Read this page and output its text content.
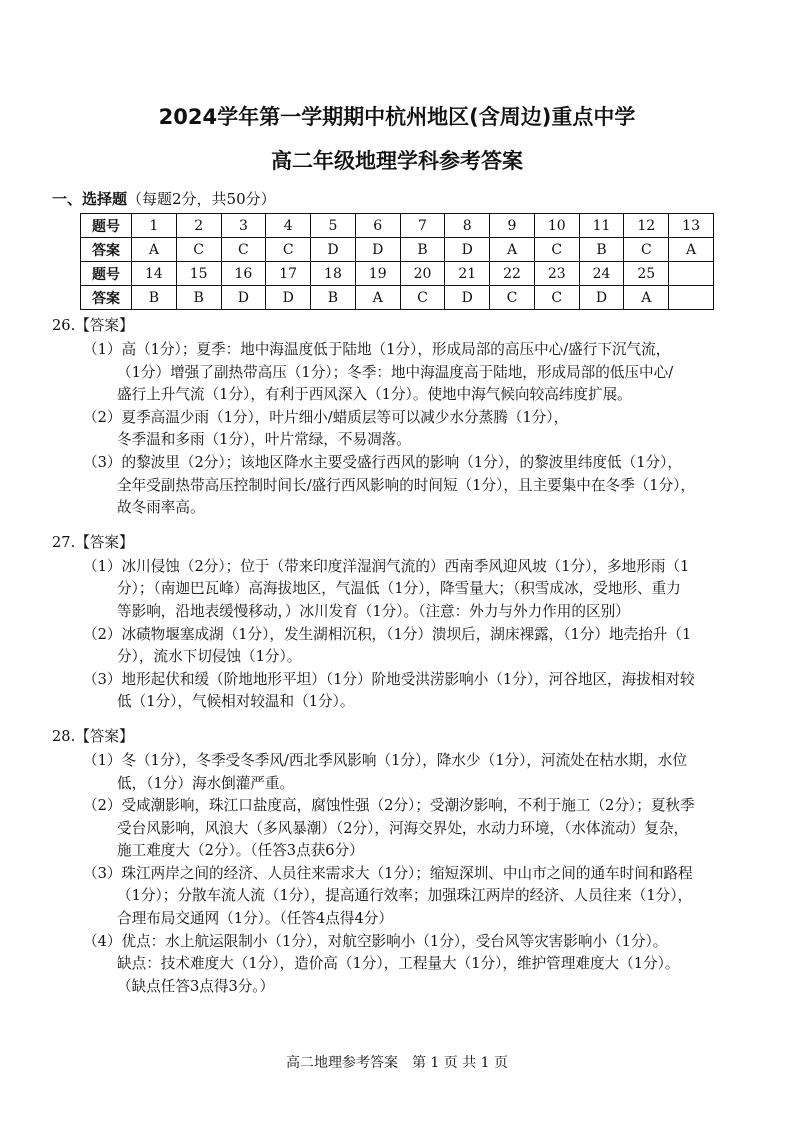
2024学年第一学期期中杭州地区(含周边)重点中学
高二年级地理学科参考答案
一、选择题（每题2分，共50分）
题号	1	2	3	4	5	6	7	8	9	10	11	12	13
答案	A	C	C	C	D	D	B	D	A	C	B	C	A
题号	14	15	16	17	18	19	20	21	22	23	24	25	
答案	B	B	D	D	B	A	C	D	C	C	D	A	
26.【答案】
（1）高（1分）；夏季：地中海温度低于陆地（1分），形成局部的高压中心/盛行下沉气流，
（1分）增强了副热带高压（1分）；冬季：地中海温度高于陆地，形成局部的低压中心/
盛行上升气流（1分），有利于西风深入（1分）。使地中海气候向较高纬度扩展。
（2）夏季高温少雨（1分），叶片细小/蜡质层等可以减少水分蒸腾（1分），
冬季温和多雨（1分），叶片常绿，不易凋落。
（3）的黎波里（2分）；该地区降水主要受盛行西风的影响（1分），的黎波里纬度低（1分），
全年受副热带高压控制时间长/盛行西风影响的时间短（1分），且主要集中在冬季（1分），
故冬雨率高。
27.【答案】
（1）冰川侵蚀（2分）；位于（带来印度洋湿润气流的）西南季风迎风坡（1分），多地形雨（1
分）；（南迦巴瓦峰）高海拔地区，气温低（1分），降雪量大；（积雪成冰，受地形、重力
等影响，沿地表缓慢移动，）冰川发育（1分）。（注意：外力与外力作用的区别）
（2）冰碛物堰塞成湖（1分），发生湖相沉积，（1分）溃坝后，湖床裸露，（1分）地壳抬升（1
分），流水下切侵蚀（1分）。
（3）地形起伏和缓（阶地地形平坦）（1分）阶地受洪涝影响小（1分），河谷地区，海拔相对较
低（1分），气候相对较温和（1分）。
28.【答案】
（1）冬（1分），冬季受冬季风/西北季风影响（1分），降水少（1分），河流处在枯水期，水位
低，（1分）海水倒灌严重。
（2）受咸潮影响，珠江口盐度高，腐蚀性强（2分）；受潮汐影响，不利于施工（2分）；夏秋季
受台风影响，风浪大（多风暴潮）（2分），河海交界处，水动力环境，（水体流动）复杂，
施工难度大（2分）。（任答3点获6分）
（3）珠江两岸之间的经济、人员往来需求大（1分）；缩短深圳、中山市之间的通车时间和路程
（1分）；分散车流人流（1分），提高通行效率；加强珠江两岸的经济、人员往来（1分），
合理布局交通网（1分）。（任答4点得4分）
（4）优点：水上航运限制小（1分），对航空影响小（1分），受台风等灾害影响小（1分）。
缺点：技术难度大（1分），造价高（1分），工程量大（1分），维护管理难度大（1分）。
（缺点任答3点得3分。）
高二地理参考答案　第 1 页 共 1 页
